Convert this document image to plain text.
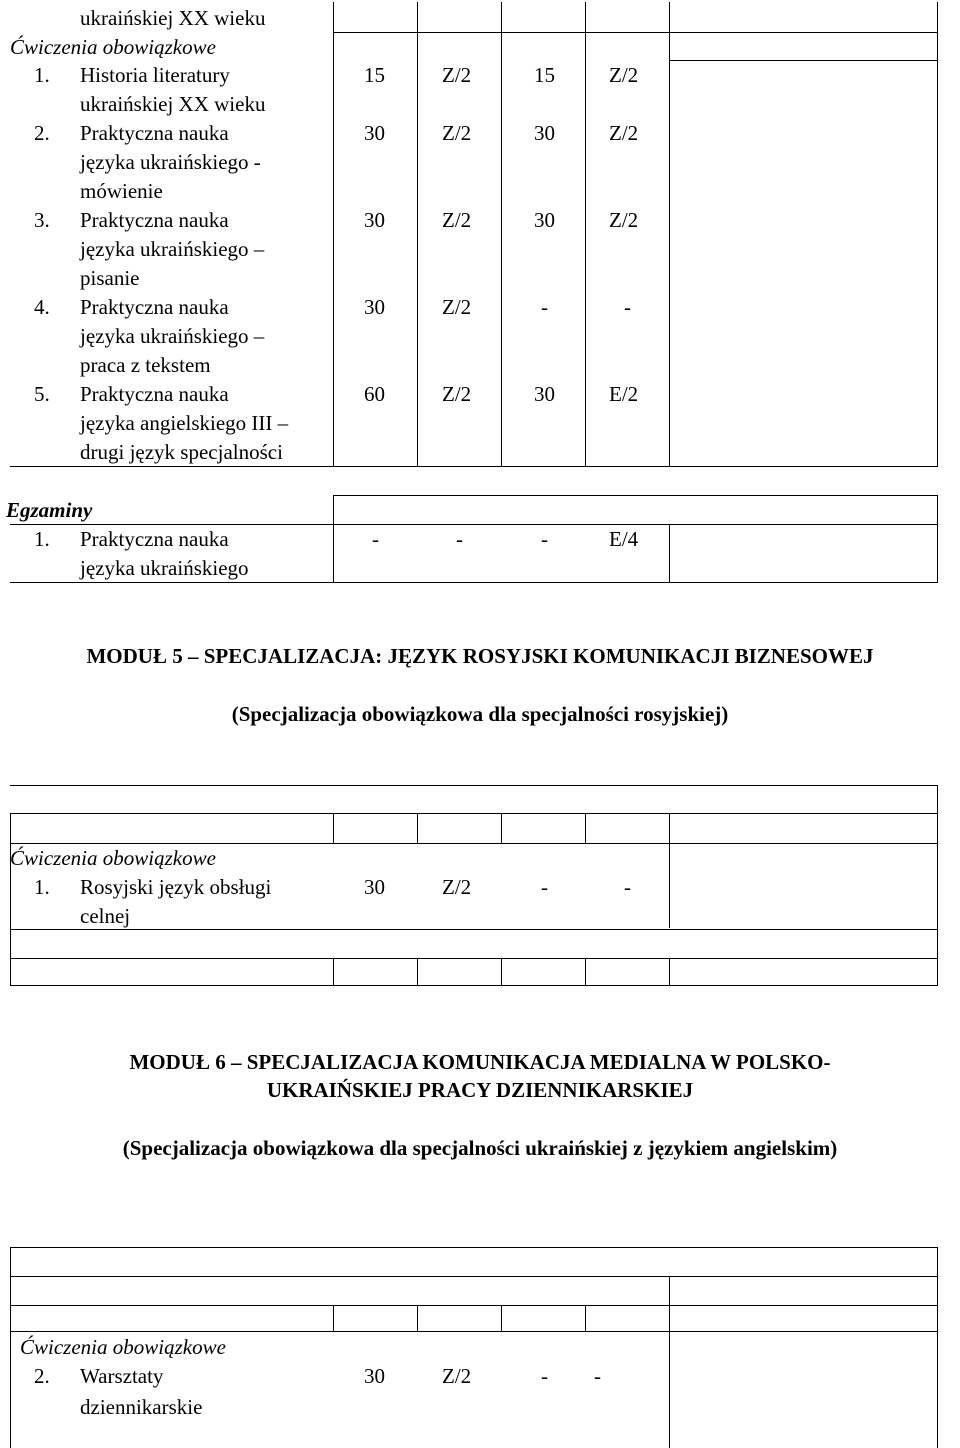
ukraińskiej XX wieku
Ćwiczenia obowiązkowe
1. Historia literatury
ukraińskiej XX wieku
15	Z/2	15	Z/2
2. Praktyczna nauka
języka ukraińskiego -
mówienie
30	Z/2	30	Z/2
3. Praktyczna nauka
języka ukraińskiego –
pisanie
30	Z/2	30	Z/2
4. Praktyczna nauka
języka ukraińskiego –
praca z tekstem
30	Z/2	-	-
5. Praktyczna nauka
języka angielskiego III –
drugi język specjalności
60	Z/2	30	E/2
Egzaminy
1. Praktyczna nauka
języka ukraińskiego
-	-	-	E/4
MODUŁ 5 – SPECJALIZACJA: JĘZYK ROSYJSKI KOMUNIKACJI BIZNESOWEJ
(Specjalizacja obowiązkowa dla specjalności rosyjskiej)
Ćwiczenia obowiązkowe
1. Rosyjski język obsługi
celnej
30	Z/2	-	-
MODUŁ 6 – SPECJALIZACJA KOMUNIKACJA MEDIALNA W POLSKO-
UKRAIŃSKIEJ PRACY DZIENNIKARSKIEJ
(Specjalizacja obowiązkowa dla specjalności ukraińskiej z językiem angielskim)
Ćwiczenia obowiązkowe
2. Warsztaty
dziennikarskie
30	Z/2	- -
